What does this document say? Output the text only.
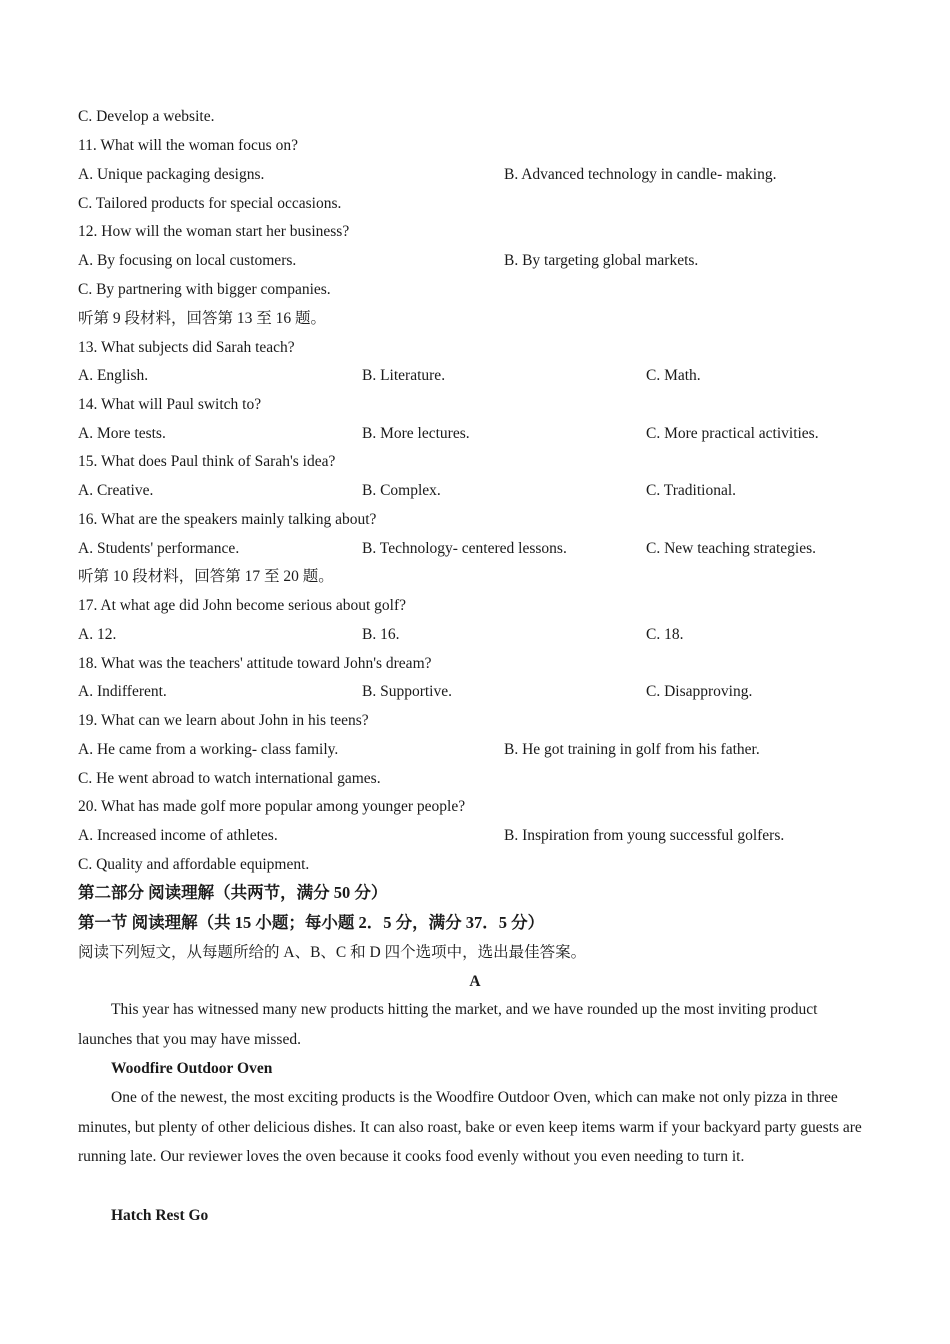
C. Develop a website.
11. What will the woman focus on?
A. Unique packaging designs.	B. Advanced technology in candle- making.
C. Tailored products for special occasions.
12. How will the woman start her business?
A. By focusing on local customers.	B. By targeting global markets.
C. By partnering with bigger companies.
听第 9 段材料，回答第 13 至 16 题。
13. What subjects did Sarah teach?
A. English.	B. Literature.	C. Math.
14. What will Paul switch to?
A. More tests.	B. More lectures.	C. More practical activities.
15. What does Paul think of Sarah's idea?
A. Creative.	B. Complex.	C. Traditional.
16. What are the speakers mainly talking about?
A. Students' performance.	B. Technology- centered lessons.	C. New teaching strategies.
听第 10 段材料，回答第 17 至 20 题。
17. At what age did John become serious about golf?
A. 12.	B. 16.	C. 18.
18. What was the teachers' attitude toward John's dream?
A. Indifferent.	B. Supportive.	C. Disapproving.
19. What can we learn about John in his teens?
A. He came from a working- class family.	B. He got training in golf from his father.
C. He went abroad to watch international games.
20. What has made golf more popular among younger people?
A. Increased income of athletes.	B. Inspiration from young successful golfers.
C. Quality and affordable equipment.
第二部分 阅读理解（共两节，满分 50 分）
第一节 阅读理解（共 15 小题；每小题 2．5 分，满分 37．5 分）
阅读下列短文，从每题所给的 A、B、C 和 D 四个选项中，选出最佳答案。
A
This year has witnessed many new products hitting the market, and we have rounded up the most inviting product launches that you may have missed.
Woodfire Outdoor Oven
One of the newest, the most exciting products is the Woodfire Outdoor Oven, which can make not only pizza in three minutes, but plenty of other delicious dishes. It can also roast, bake or even keep items warm if your backyard party guests are running late. Our reviewer loves the oven because it cooks food evenly without you even needing to turn it.
Hatch Rest Go
